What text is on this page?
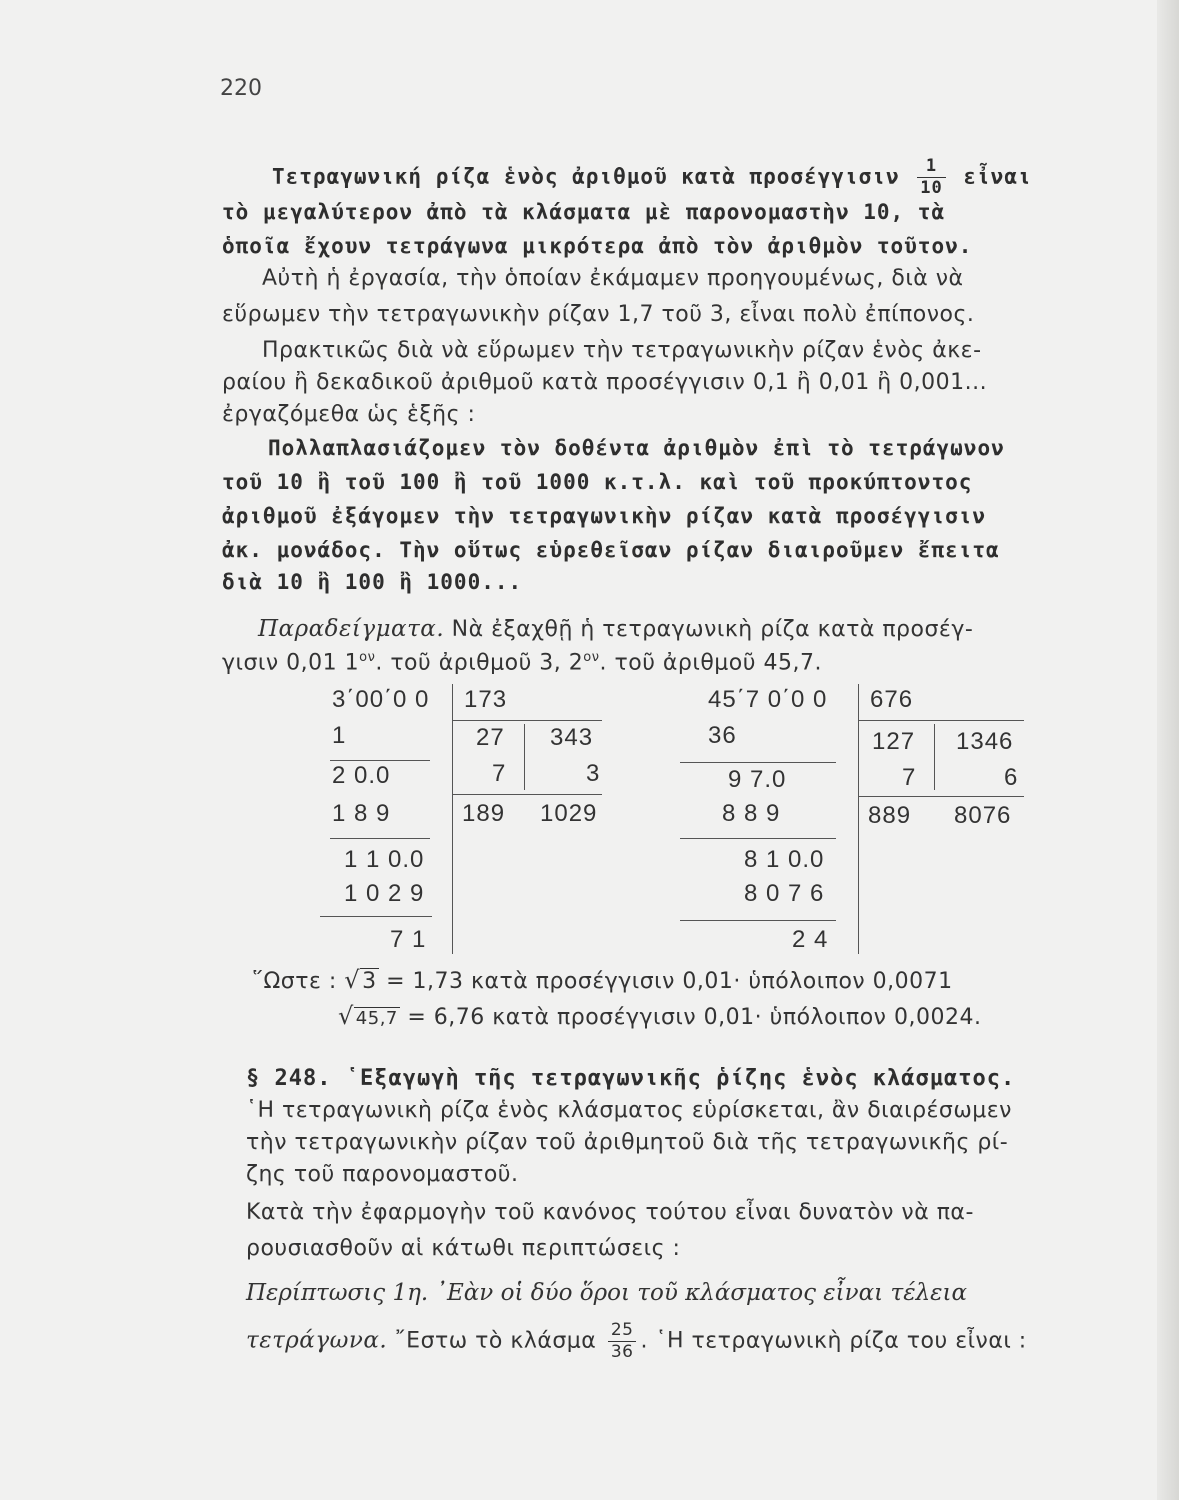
220
Τετραγωνική ρίζα ἑνὸς ἀριθμοῦ κατὰ προσέγγισιν $\frac{1}{10}$ εἶναι
τὸ μεγαλύτερον ἀπὸ τὰ κλάσματα μὲ παρονομαστὴν 10, τὰ
ὁποῖα ἔχουν τετράγωνα μικρότερα ἀπὸ τὸν ἀριθμὸν τοῦτον.
Αὐτὴ ἡ ἐργασία, τὴν ὁποίαν ἐκάμαμεν προηγουμένως, διὰ νὰ
εὕρωμεν τὴν τετραγωνικὴν ρίζαν 1,7 τοῦ 3, εἶναι πολὺ ἐπίπονος.
Πρακτικῶς διὰ νὰ εὕρωμεν τὴν τετραγωνικὴν ρίζαν ἑνὸς ἀκε-
ραίου ἢ δεκαδικοῦ ἀριθμοῦ κατὰ προσέγγισιν 0,1 ἢ 0,01 ἢ 0,001...
ἐργαζόμεθα ὡς ἑξῆς :
Πολλαπλασιάζομεν τὸν δοθέντα ἀριθμὸν ἐπὶ τὸ τετράγωνον
τοῦ 10 ἢ τοῦ 100 ἢ τοῦ 1000 κ.τ.λ. καὶ τοῦ προκύπτοντος
ἀριθμοῦ ἐξάγομεν τὴν τετραγωνικὴν ρίζαν κατὰ προσέγγισιν
ἀκ. μονάδος. Τὴν οὕτως εὑρεθεῖσαν ρίζαν διαιροῦμεν ἔπειτα
διὰ 10 ἢ 100 ἢ 1000...
Παραδείγματα. Νὰ ἐξαχθῇ ἡ τετραγωνικὴ ρίζα κατὰ προσέγ-
γισιν 0,01 $1^{o\nu}$. τοῦ ἀριθμοῦ 3, $2^{o\nu}$. τοῦ ἀριθμοῦ 45,7.
3΄00΄0 0
1
2 0.0
1 8 9
1 1 0.0
1 0 2 9
7 1
173
27 343
7	3
189 1029
45΄7 0΄0 0
36
9 7.0
8 8 9
8 1 0.0
8 0 7 6
2 4
676
127 1346
7	6
889 8076
῞Ωστε : √3 = 1,73 κατὰ προσέγγισιν 0,01· ὑπόλοιπον 0,0071
√ 45,7 = 6,76 κατὰ προσέγγισιν 0,01· ὑπόλοιπον 0,0024.
§ 248. ῾Εξαγωγὴ τῆς τετραγωνικῆς ῥίζης ἑνὸς κλάσματος.
῾Η τετραγωνικὴ ρίζα ἑνὸς κλάσματος εὑρίσκεται, ἂν διαιρέσωμεν
τὴν τετραγωνικὴν ρίζαν τοῦ ἀριθμητοῦ διὰ τῆς τετραγωνικῆς ρί-
ζης τοῦ παρονομαστοῦ.
Κατὰ τὴν ἐφαρμογὴν τοῦ κανόνος τούτου εἶναι δυνατὸν νὰ πα-
ρουσιασθοῦν αἱ κάτωθι περιπτώσεις :
Περίπτωσις 1η. ᾿Εὰν οἱ δύο ὅροι τοῦ κλάσματος εἶναι τέλεια
τετράγωνα. ῎Εστω τὸ κλάσμα $\frac{25}{36}$ . ῾Η τετραγωνικὴ ρίζα του εἶναι :
